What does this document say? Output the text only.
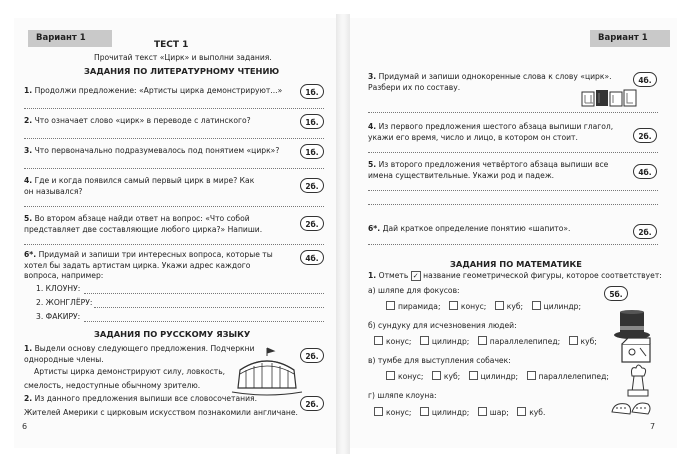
Вариант 1
ТЕСТ 1
Прочитай текст «Цирк» и выполни задания.
ЗАДАНИЯ ПО ЛИТЕРАТУРНОМУ ЧТЕНИЮ
1. Продолжи предложение: «Артисты цирка демонстрируют...»	1б.
2. Что означает слово «цирк» в переводе с латинского?	1б.
3. Что первоначально подразумевалось под понятием «цирк»?	1б.
4. Где и когда появился самый первый цирк в мире? Как
он назывался?	2б.
5. Во втором абзаце найди ответ на вопрос: «Что собой
представляет две составляющие любого цирка?» Напиши.	2б.
6*. Придумай и запиши три интересных вопроса, которые ты
хотел бы задать артистам цирка. Укажи адрес каждого
вопроса, например:
4б.
1. КЛОУНУ:
2. ЖОНГЛЁРУ:
3. ФАКИРУ:
ЗАДАНИЯ ПО РУССКОМУ ЯЗЫКУ
1. Выдели основу следующего предложения. Подчеркни
однородные члены.	2б.
Артисты цирка демонстрируют силу, ловкость,
смелость, недоступные обычному зрителю.
2. Из данного предложения выпиши все словосочетания.
2б.
Жителей Америки с цирковым искусством познакомили англичане.
6
Вариант 1
3. Придумай и запиши однокоренные слова к слову «цирк».
Разбери их по составу.
4б.
4. Из первого предложения шестого абзаца выпиши глагол,
укажи его время, число и лицо, в котором он стоит.	2б.
5. Из второго предложения четвёртого абзаца выпиши все
имена существительные. Укажи род и падеж.	4б.
6*. Дай краткое определение понятию «шапито».	2б.
ЗАДАНИЯ ПО МАТЕМАТИКЕ
1. Отметь ✓ название геометрической фигуры, которое соответствует:
5б.
а) шляпе для фокусов:
пирамида;	конус;	куб;	цилиндр;
б) сундуку для исчезновения людей:
конус;	цилиндр;	параллелепипед;	куб;
в) тумбе для выступления собачек:
конус;	куб;	цилиндр;	параллелепипед;
г) шляпе клоуна:
конус;	цилиндр;	шар;	куб.
7
